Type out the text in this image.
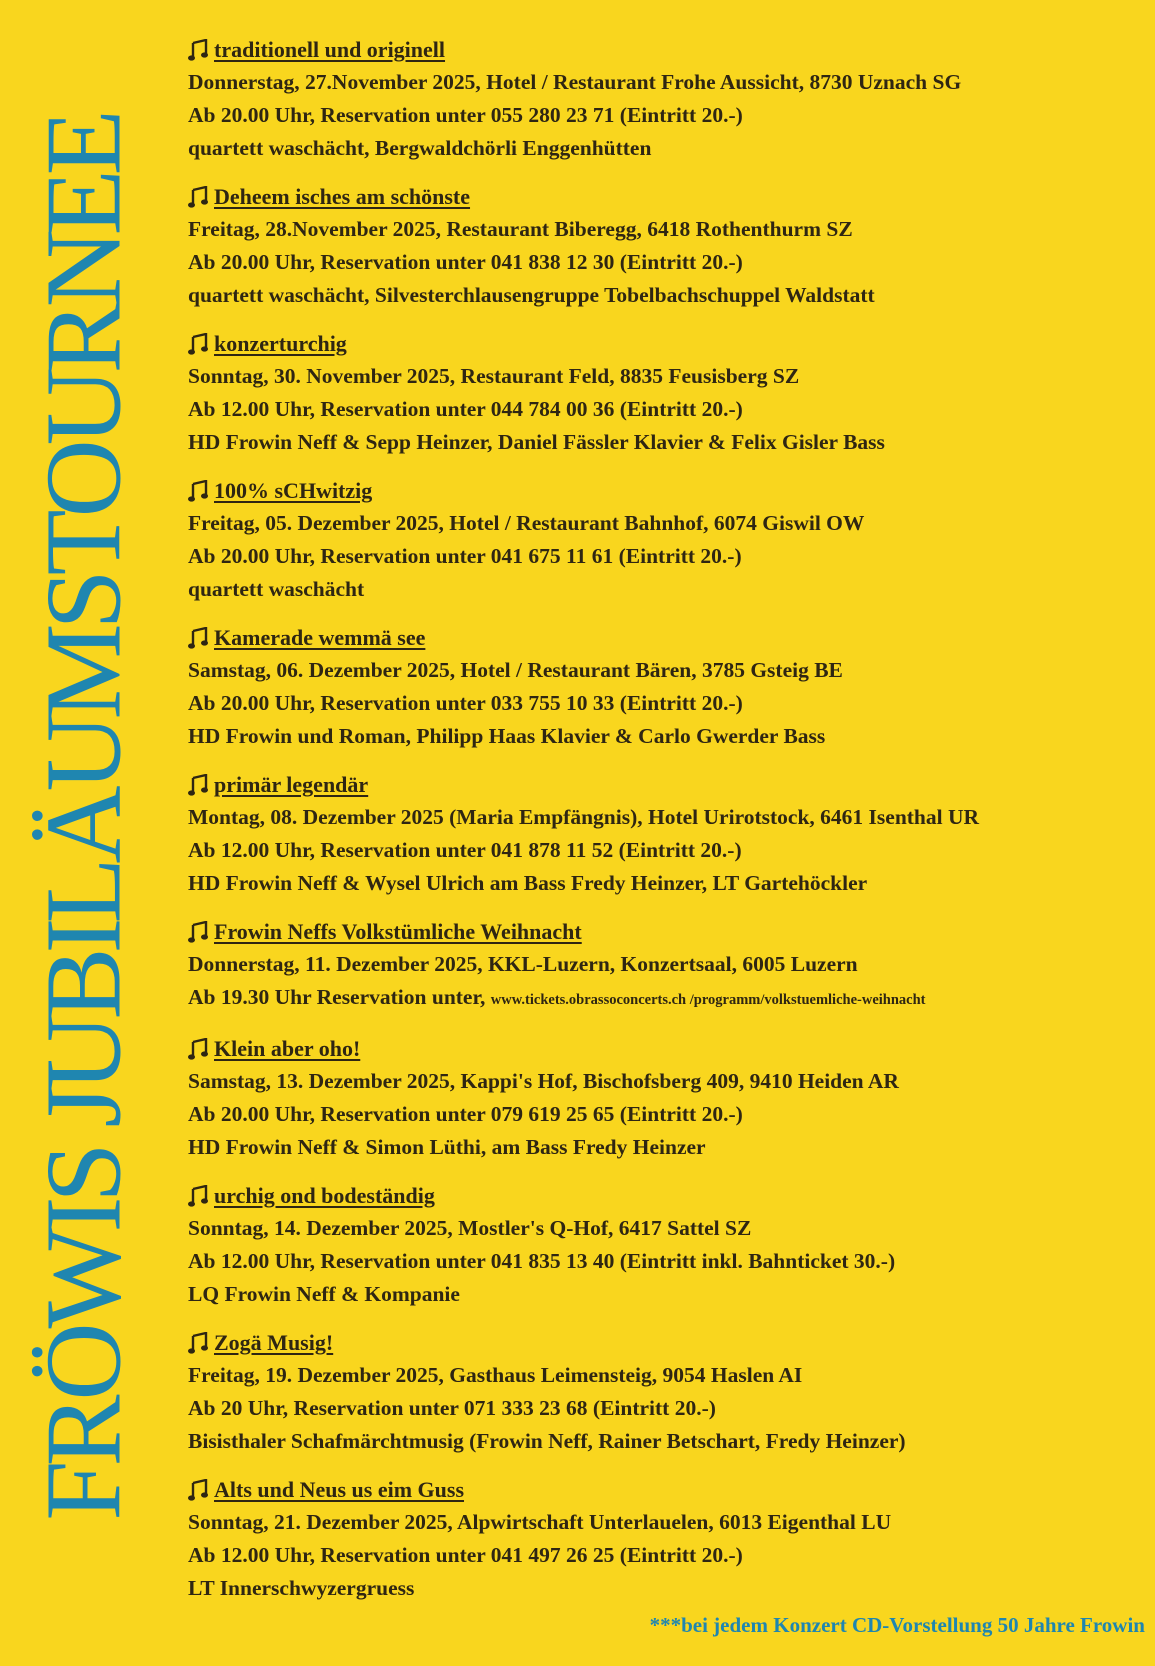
FRÖWIS JUBILÄUMSTOURNEE
traditionell und originell
Donnerstag, 27.November 2025, Hotel / Restaurant Frohe Aussicht, 8730 Uznach SG
Ab 20.00 Uhr, Reservation unter 055 280 23 71 (Eintritt 20.-)
quartett waschächt, Bergwaldchörli Enggenhütten
Deheem isches am schönste
Freitag, 28.November 2025, Restaurant Biberegg, 6418 Rothenthurm SZ
Ab 20.00 Uhr, Reservation unter 041 838 12 30 (Eintritt 20.-)
quartett waschächt, Silvesterchlausengruppe Tobelbachschuppel Waldstatt
konzerturchig
Sonntag, 30. November 2025, Restaurant Feld, 8835 Feusisberg SZ
Ab 12.00 Uhr, Reservation unter 044 784 00 36 (Eintritt 20.-)
HD Frowin Neff & Sepp Heinzer, Daniel Fässler Klavier & Felix Gisler Bass
100% sCHwitzig
Freitag, 05. Dezember 2025, Hotel / Restaurant Bahnhof, 6074 Giswil OW
Ab 20.00 Uhr, Reservation unter 041 675 11 61 (Eintritt 20.-)
quartett waschächt
Kamerade wemmä see
Samstag, 06. Dezember 2025, Hotel / Restaurant Bären, 3785 Gsteig BE
Ab 20.00 Uhr, Reservation unter 033 755 10 33 (Eintritt 20.-)
HD Frowin und Roman, Philipp Haas Klavier & Carlo Gwerder Bass
primär legendär
Montag, 08. Dezember 2025 (Maria Empfängnis), Hotel Urirotstock, 6461 Isenthal UR
Ab 12.00 Uhr, Reservation unter 041 878 11 52 (Eintritt 20.-)
HD Frowin Neff & Wysel Ulrich am Bass Fredy Heinzer, LT Gartehöckler
Frowin Neffs Volkstümliche Weihnacht
Donnerstag, 11. Dezember 2025, KKL-Luzern, Konzertsaal, 6005 Luzern
Ab 19.30 Uhr Reservation unter, www.tickets.obrassoconcerts.ch /programm/volkstuemliche-weihnacht
Klein aber oho!
Samstag, 13. Dezember 2025, Kappi's Hof, Bischofsberg 409, 9410 Heiden AR
Ab 20.00 Uhr, Reservation unter 079 619 25 65 (Eintritt 20.-)
HD Frowin Neff & Simon Lüthi, am Bass Fredy Heinzer
urchig ond bodeständig
Sonntag, 14. Dezember 2025, Mostler's Q-Hof, 6417 Sattel SZ
Ab 12.00 Uhr, Reservation unter 041 835 13 40 (Eintritt inkl. Bahnticket 30.-)
LQ Frowin Neff & Kompanie
Zogä Musig!
Freitag, 19. Dezember 2025, Gasthaus Leimensteig, 9054 Haslen AI
Ab 20 Uhr, Reservation unter 071 333 23 68 (Eintritt 20.-)
Bisisthaler Schafmärchtmusig (Frowin Neff, Rainer Betschart, Fredy Heinzer)
Alts und Neus us eim Guss
Sonntag, 21. Dezember 2025, Alpwirtschaft Unterlauelen, 6013 Eigenthal LU
Ab 12.00 Uhr, Reservation unter 041 497 26 25 (Eintritt 20.-)
LT Innerschwyzergruess
***bei jedem Konzert CD-Vorstellung 50 Jahre Frowin
